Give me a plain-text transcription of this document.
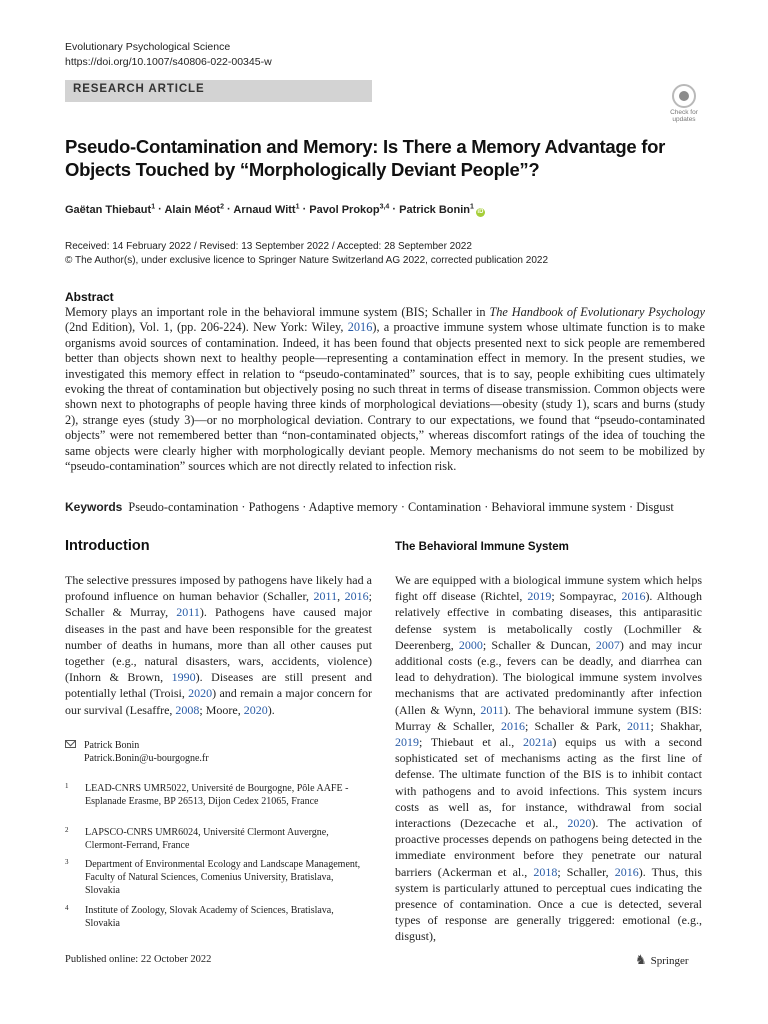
Evolutionary Psychological Science
https://doi.org/10.1007/s40806-022-00345-w
RESEARCH ARTICLE
Check for
updates
Pseudo-Contamination and Memory: Is There a Memory Advantage for Objects Touched by “Morphologically Deviant People”?
Gaëtan Thiebaut$^1$ · Alain Méot$^2$ · Arnaud Witt$^1$ · Pavol Prokop$^{3,4}$ · Patrick Bonin$^1$iD
Received: 14 February 2022 / Revised: 13 September 2022 / Accepted: 28 September 2022
© The Author(s), under exclusive licence to Springer Nature Switzerland AG 2022, corrected publication 2022
Abstract

Memory plays an important role in the behavioral immune system (BIS; Schaller in The Handbook of Evolutionary Psychology (2nd Edition), Vol. 1, (pp. 206-224). New York: Wiley, 2016), a proactive immune system whose ultimate function is to make organisms avoid sources of contamination. Indeed, it has been found that objects presented next to sick people are remembered better than objects shown next to healthy people—representing a contamination effect in memory. In the present studies, we investigated this memory effect in relation to “pseudo-contaminated” sources, that is to say, people exhibiting cues ultimately evoking the threat of contamination but objectively posing no such threat in terms of disease transmission. Common objects were shown next to photographs of people having three kinds of morphological deviations—obesity (study 1), scars and burns (study 2), strange eyes (study 3)—or no morphological deviation. Contrary to our expectations, we found that “pseudo-contaminated objects” were not remembered better than “non-contaminated objects,” whereas discomfort ratings of the idea of touching the same objects were clearly higher with morphologically deviant people. Memory mechanisms do not seem to be mobilized by “pseudo-contamination” sources which are not directly related to infection risk.

Keywords Pseudo-contamination · Pathogens · Adaptive memory · Contamination · Behavioral immune system · Disgust
Introduction	The Behavioral Immune System

The selective pressures imposed by pathogens have likely had a profound influence on human behavior (Schaller, 2011, 2016; Schaller & Murray, 2011). Pathogens have caused major diseases in the past and have been responsible for the greatest number of deaths in humans, more than all other causes put together (e.g., natural disasters, wars, accidents, violence) (Inhorn & Brown, 1990). Diseases are still present and potentially lethal (Troisi, 2020) and remain a major concern for our survival (Lesaffre, 2008; Moore, 2020).

We are equipped with a biological immune system which helps fight off disease (Richtel, 2019; Sompayrac, 2016). Although relatively effective in combating diseases, this antiparasitic defense system is metabolically costly (Lochmiller & Deerenberg, 2000; Schaller & Duncan, 2007) and may incur additional costs (e.g., fevers can be deadly, and diarrhea can lead to dehydration). The biological immune system involves mechanisms that are activated predominantly after infection (Allen & Wynn, 2011). The behavioral immune system (BIS: Murray & Schaller, 2016; Schaller & Park, 2011; Shakhar, 2019; Thiebaut et al., 2021a) equips us with a second sophisticated set of mechanisms acting as the first line of defense. The ultimate function of the BIS is to inhibit contact with pathogens and to avoid infections. This system incurs costs as well as, for instance, withdrawal from social interactions (Dezecache et al., 2020). The activation of proactive processes depends on pathogens being detected in the immediate environment before they penetrate our natural barriers (Ackerman et al., 2018; Schaller, 2016). Thus, this system is particularly attuned to perceptual cues indicating the presence of contamination. Once a cue is detected, several types of response are generally triggered: emotional (e.g., disgust),

Patrick Bonin
Patrick.Bonin@u-bourgogne.fr
1 LEAD-CNRS UMR5022, Université de Bourgogne, Pôle AAFE - Esplanade Erasme, BP 26513, Dijon Cedex 21065, France
2 LAPSCO-CNRS UMR6024, Université Clermont Auvergne, Clermont-Ferrand, France
3 Department of Environmental Ecology and Landscape Management, Faculty of Natural Sciences, Comenius University, Bratislava, Slovakia
4 Institute of Zoology, Slovak Academy of Sciences, Bratislava, Slovakia
Published online: 22 October 2022	♞ Springer
